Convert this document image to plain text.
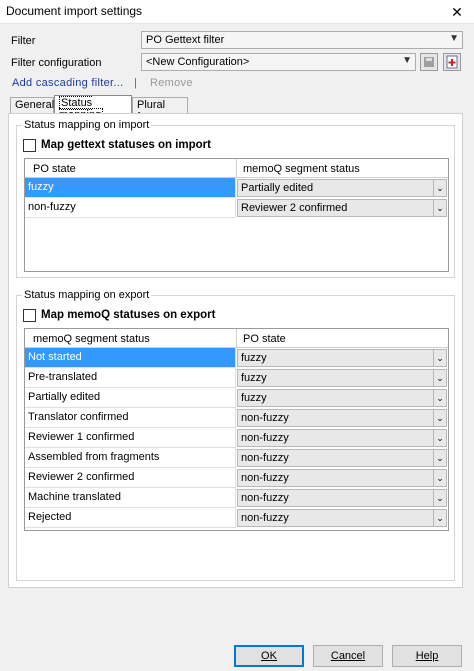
Document import settings	✕
Filter	PO Gettext filter	▼
Filter configuration	<New Configuration>	▼
Add cascading filter... | Remove
General Status	Plural
Status mapping on import
Map gettext statuses on import
PO state	memoQ segment status
fuzzy	Partially edited	⌄
non-fuzzy	Reviewer 2 confirmed	⌄
Status mapping on export
Map memoQ statuses on export
memoQ segment status	PO state
Not started	fuzzy	⌄
Pre-translated	fuzzy	⌄
Partially edited	fuzzy	⌄
Translator confirmed	non-fuzzy	⌄
Reviewer 1 confirmed	non-fuzzy	⌄
Assembled from fragments	non-fuzzy	⌄
Reviewer 2 confirmed	non-fuzzy	⌄
Machine translated	non-fuzzy	⌄
Rejected	non-fuzzy	⌄
OK	Cancel	Help
